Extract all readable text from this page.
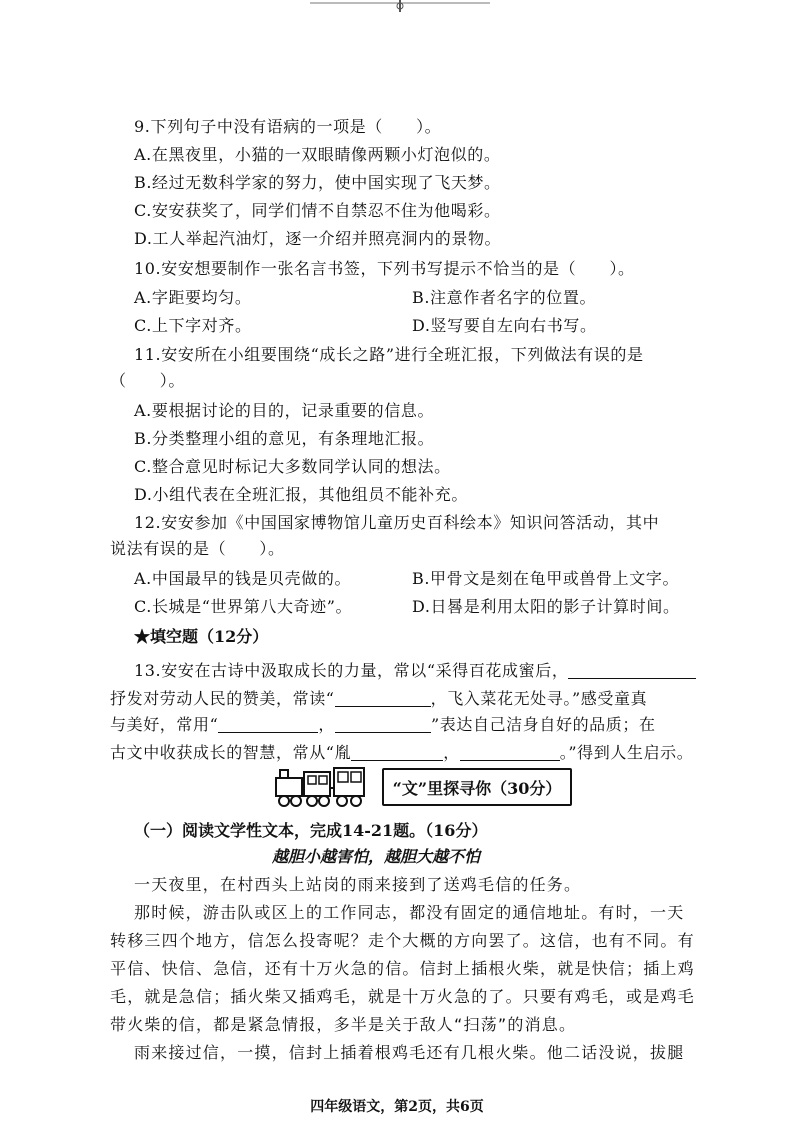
9.下列句子中没有语病的一项是（　　）。
A.在黑夜里，小猫的一双眼睛像两颗小灯泡似的。
B.经过无数科学家的努力，使中国实现了飞天梦。
C.安安获奖了，同学们情不自禁忍不住为他喝彩。
D.工人举起汽油灯，逐一介绍并照亮洞内的景物。
10.安安想要制作一张名言书签，下列书写提示不恰当的是（　　）。
A.字距要均匀。	B.注意作者名字的位置。
C.上下字对齐。	D.竖写要自左向右书写。
11.安安所在小组要围绕“成长之路”进行全班汇报，下列做法有误的是
（　　）。
A.要根据讨论的目的，记录重要的信息。
B.分类整理小组的意见，有条理地汇报。
C.整合意见时标记大多数同学认同的想法。
D.小组代表在全班汇报，其他组员不能补充。
12.安安参加《中国国家博物馆儿童历史百科绘本》知识问答活动，其中
说法有误的是（　　）。
A.中国最早的钱是贝壳做的。	B.甲骨文是刻在龟甲或兽骨上文字。
C.长城是“世界第八大奇迹”。	D.日晷是利用太阳的影子计算时间。
★填空题（12分）
13.安安在古诗中汲取成长的力量，常以“采得百花成蜜后，
抒发对劳动人民的赞美，常读“	，飞入菜花无处寻。”感受童真
与美好，常用“	，	”表达自己洁身自好的品质；在
古文中收获成长的智慧，常从“胤	，	。”得到人生启示。
“文”里探寻你（30分）
（一）阅读文学性文本，完成14-21题。（16分）
越胆小越害怕，越胆大越不怕
一天夜里，在村西头上站岗的雨来接到了送鸡毛信的任务。
那时候，游击队或区上的工作同志，都没有固定的通信地址。有时，一天
转移三四个地方，信怎么投寄呢？走个大概的方向罢了。这信，也有不同。有
平信、快信、急信，还有十万火急的信。信封上插根火柴，就是快信；插上鸡
毛，就是急信；插火柴又插鸡毛，就是十万火急的了。只要有鸡毛，或是鸡毛
带火柴的信，都是紧急情报，多半是关于敌人“扫荡”的消息。
雨来接过信，一摸，信封上插着根鸡毛还有几根火柴。他二话没说，拔腿
四年级语文，第2页，共6页
